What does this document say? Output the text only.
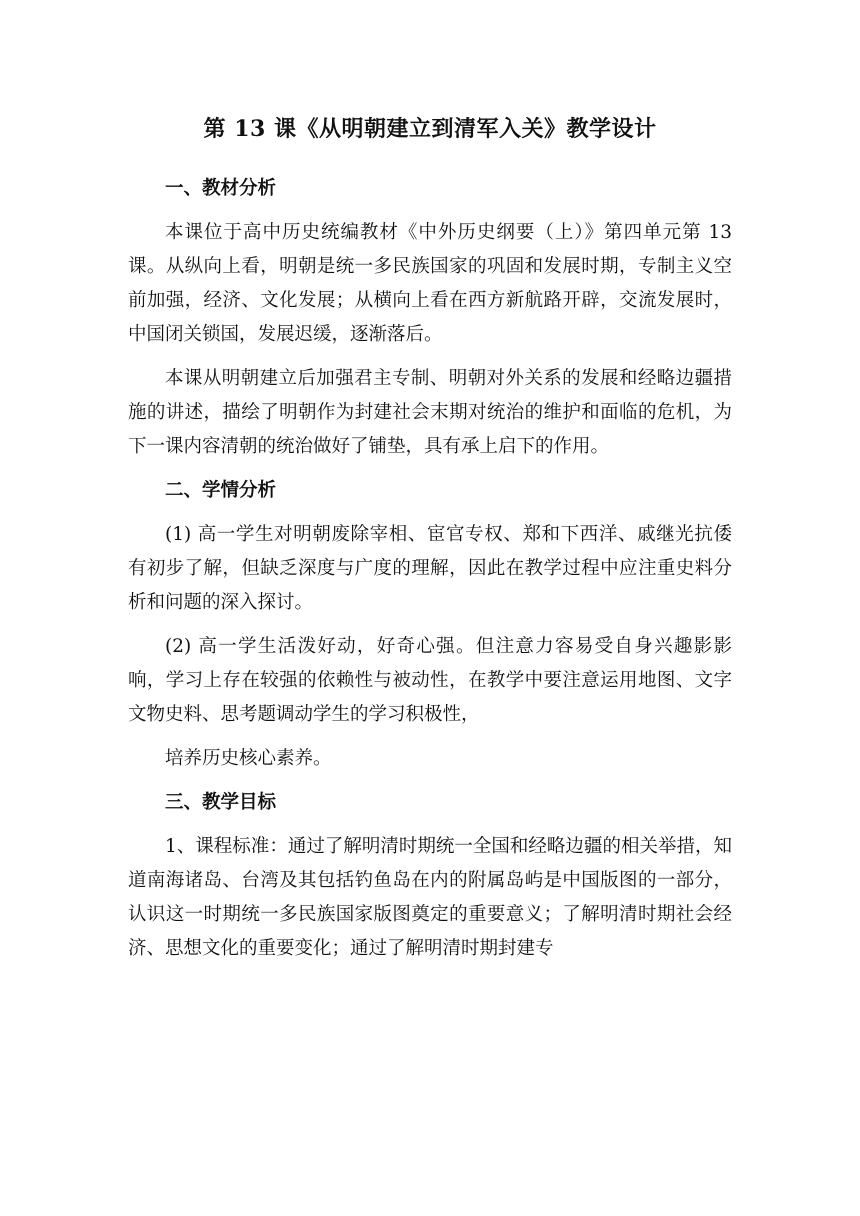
第 13 课《从明朝建立到清军入关》教学设计
一、教材分析
本课位于高中历史统编教材《中外历史纲要（上）》第四单元第 13 课。从纵向上看，明朝是统一多民族国家的巩固和发展时期，专制主义空前加强，经济、文化发展；从横向上看在西方新航路开辟，交流发展时，中国闭关锁国，发展迟缓，逐渐落后。
本课从明朝建立后加强君主专制、明朝对外关系的发展和经略边疆措施的讲述，描绘了明朝作为封建社会末期对统治的维护和面临的危机，为下一课内容清朝的统治做好了铺垫，具有承上启下的作用。
二、学情分析
(1) 高一学生对明朝废除宰相、宦官专权、郑和下西洋、戚继光抗倭有初步了解，但缺乏深度与广度的理解，因此在教学过程中应注重史料分析和问题的深入探讨。
(2) 高一学生活泼好动，好奇心强。但注意力容易受自身兴趣影影响，学习上存在较强的依赖性与被动性，在教学中要注意运用地图、文字文物史料、思考题调动学生的学习积极性，
培养历史核心素养。
三、教学目标
1、课程标准：通过了解明清时期统一全国和经略边疆的相关举措，知道南海诸岛、台湾及其包括钓鱼岛在内的附属岛屿是中国版图的一部分，认识这一时期统一多民族国家版图奠定的重要意义；了解明清时期社会经济、思想文化的重要变化；通过了解明清时期封建专
